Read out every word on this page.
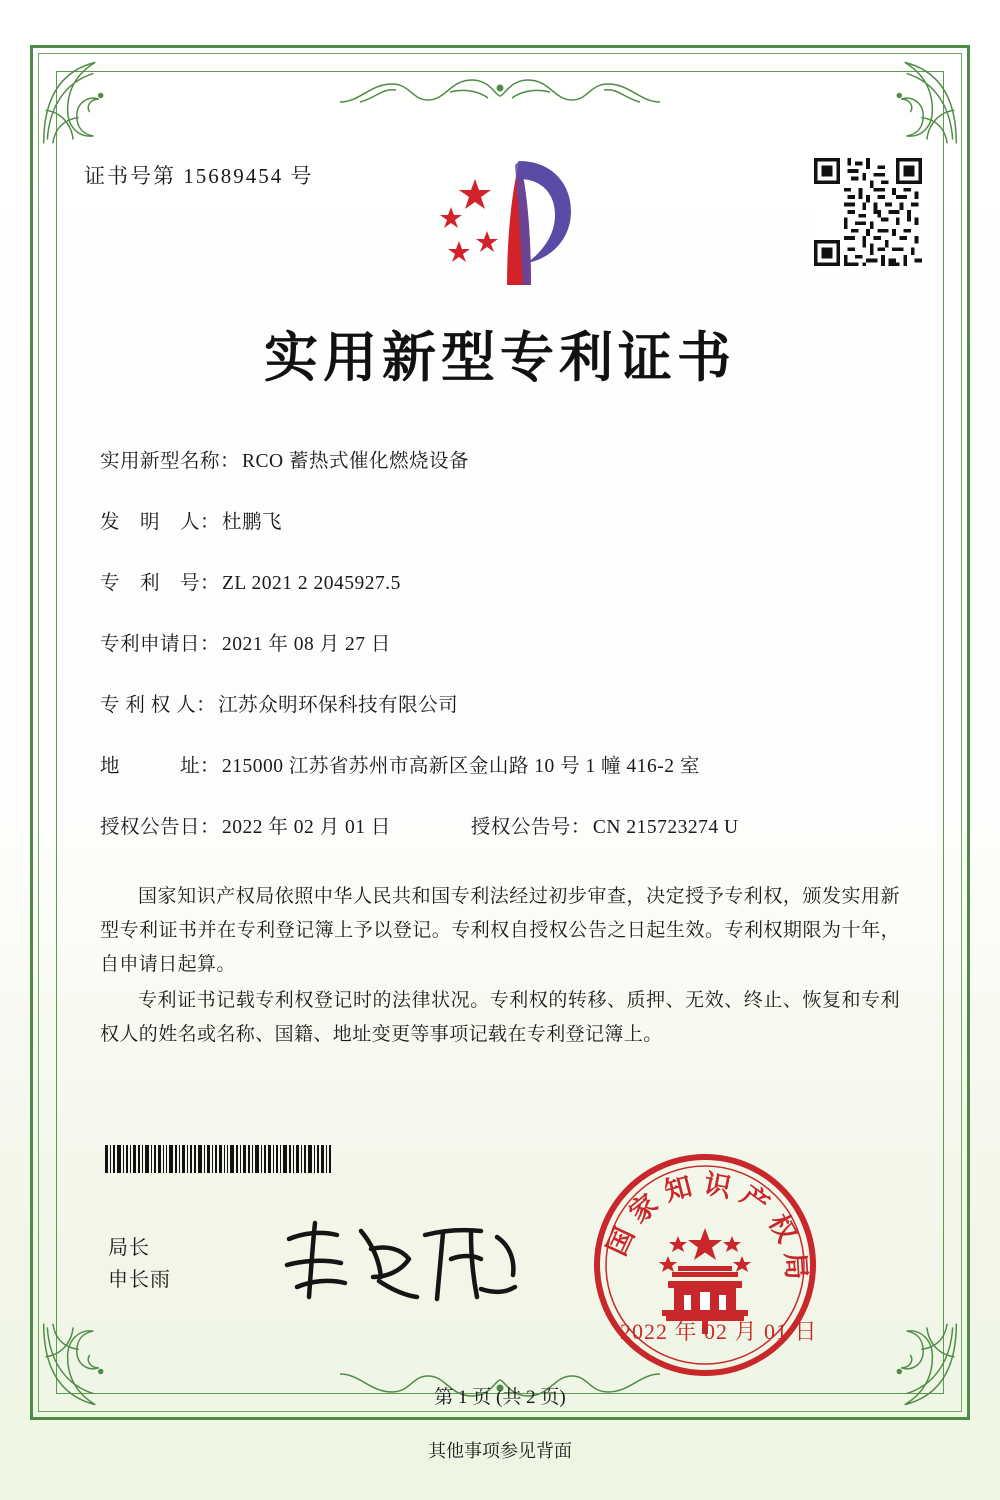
证书号第 15689454 号
实用新型专利证书
实用新型名称： RCO 蓄热式催化燃烧设备
发　明　人： 杜鹏飞
专　利　号： ZL 2021 2 2045927.5
专利申请日： 2021 年 08 月 27 日
专 利 权 人： 江苏众明环保科技有限公司
地　　　址： 215000 江苏省苏州市高新区金山路 10 号 1 幢 416-2 室
授权公告日： 2022 年 02 月 01 日	授权公告号： CN 215723274 U

国家知识产权局依照中华人民共和国专利法经过初步审查，决定授予专利权，颁发实用新型专利证书并在专利登记簿上予以登记。专利权自授权公告之日起生效。专利权期限为十年，自申请日起算。

专利证书记载专利权登记时的法律状况。专利权的转移、质押、无效、终止、恢复和专利权人的姓名或名称、国籍、地址变更等事项记载在专利登记簿上。

局长
申长雨
国家知识产权局
2022 年 02 月 01 日
第 1 页 (共 2 页)
其他事项参见背面
